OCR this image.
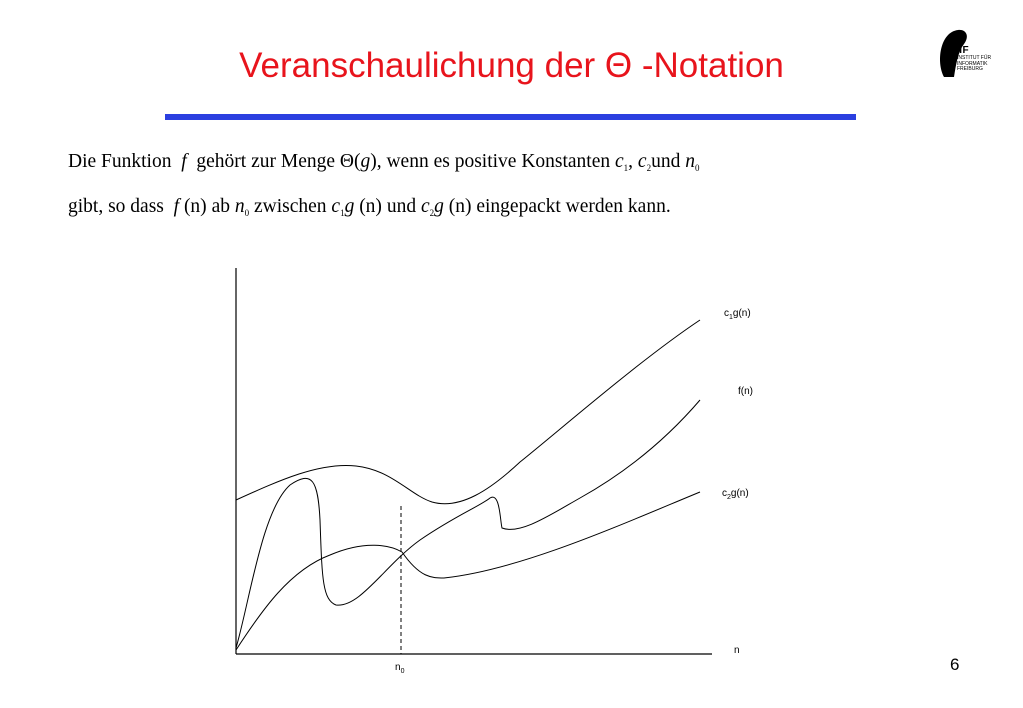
Veranschaulichung der Θ -Notation	IIF
INSTITUT FÜR
INFORMATIK
FREIBURG
Die Funktion f gehört zur Menge Θ(g), wenn es positive Konstanten $c_1$, $c_2und$ $n_0$
gibt, so dass f (n) ab $n_0$ zwischen $c_1g$ (n) und $c_2g$ (n) eingepackt werden kann.
$c_1g(n)$
f(n)
$c_2g(n)$
n
$n_0$	6
